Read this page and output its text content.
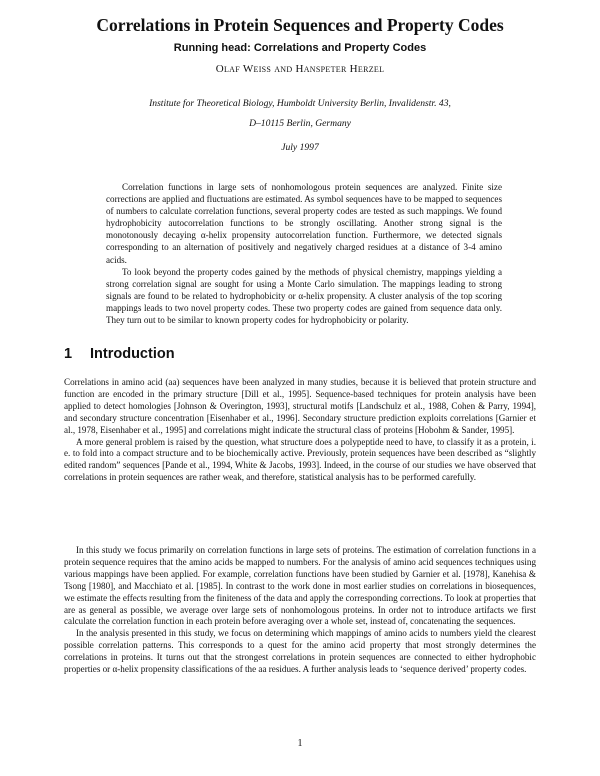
Correlations in Protein Sequences and Property Codes
Running head: Correlations and Property Codes
Olaf Weiss and Hanspeter Herzel
Institute for Theoretical Biology, Humboldt University Berlin, Invalidenstr. 43,
D–10115 Berlin, Germany
July 1997

Correlation functions in large sets of nonhomologous protein sequences are analyzed. Finite size corrections are applied and fluctuations are estimated. As symbol sequences have to be mapped to sequences of numbers to calculate correlation functions, several property codes are tested as such mappings. We found hydrophobicity autocorrelation functions to be strongly oscillating. Another strong signal is the monotonously decaying α-helix propensity autocorrelation function. Furthermore, we detected signals corresponding to an alternation of positively and negatively charged residues at a distance of 3-4 amino acids.

To look beyond the property codes gained by the methods of physical chemistry, mappings yielding a strong correlation signal are sought for using a Monte Carlo simulation. The mappings leading to strong signals are found to be related to hydrophobicity or α-helix propensity. A cluster analysis of the top scoring mappings leads to two novel property codes. These two property codes are gained from sequence data only. They turn out to be similar to known property codes for hydrophobicity or polarity.

1 Introduction

Correlations in amino acid (aa) sequences have been analyzed in many studies, because it is believed that protein structure and function are encoded in the primary structure [Dill et al., 1995]. Sequence-based techniques for protein analysis have been applied to detect homologies [Johnson & Overington, 1993], structural motifs [Landschulz et al., 1988, Cohen & Parry, 1994], and secondary structure concentration [Eisenhaber et al., 1996]. Secondary structure prediction exploits correlations [Garnier et al., 1978, Eisenhaber et al., 1995] and correlations might indicate the structural class of proteins [Hobohm & Sander, 1995].

A more general problem is raised by the question, what structure does a polypeptide need to have, to classify it as a protein, i. e. to fold into a compact structure and to be biochemically active. Previously, protein sequences have been described as “slightly edited random” sequences [Pande et al., 1994, White & Jacobs, 1993]. Indeed, in the course of our studies we have observed that correlations in protein sequences are rather weak, and therefore, statistical analysis has to be performed carefully.

In this study we focus primarily on correlation functions in large sets of proteins. The estimation of correlation functions in a protein sequence requires that the amino acids be mapped to numbers. For the analysis of amino acid sequences techniques using various mappings have been applied. For example, correlation functions have been studied by Garnier et al. [1978], Kanehisa & Tsong [1980], and Macchiato et al. [1985]. In contrast to the work done in most earlier studies on correlations in biosequences, we estimate the effects resulting from the finiteness of the data and apply the corresponding corrections. To look at properties that are as general as possible, we average over large sets of nonhomologous proteins. In order not to introduce artifacts we first calculate the correlation function in each protein before averaging over a whole set, instead of, concatenating the sequences.

In the analysis presented in this study, we focus on determining which mappings of amino acids to numbers yield the clearest possible correlation patterns. This corresponds to a quest for the amino acid property that most strongly determines the correlations in proteins. It turns out that the strongest correlations in protein sequences are connected to either hydrophobic properties or α-helix propensity classifications of the aa residues. A further analysis leads to ‘sequence derived’ property codes.

1
